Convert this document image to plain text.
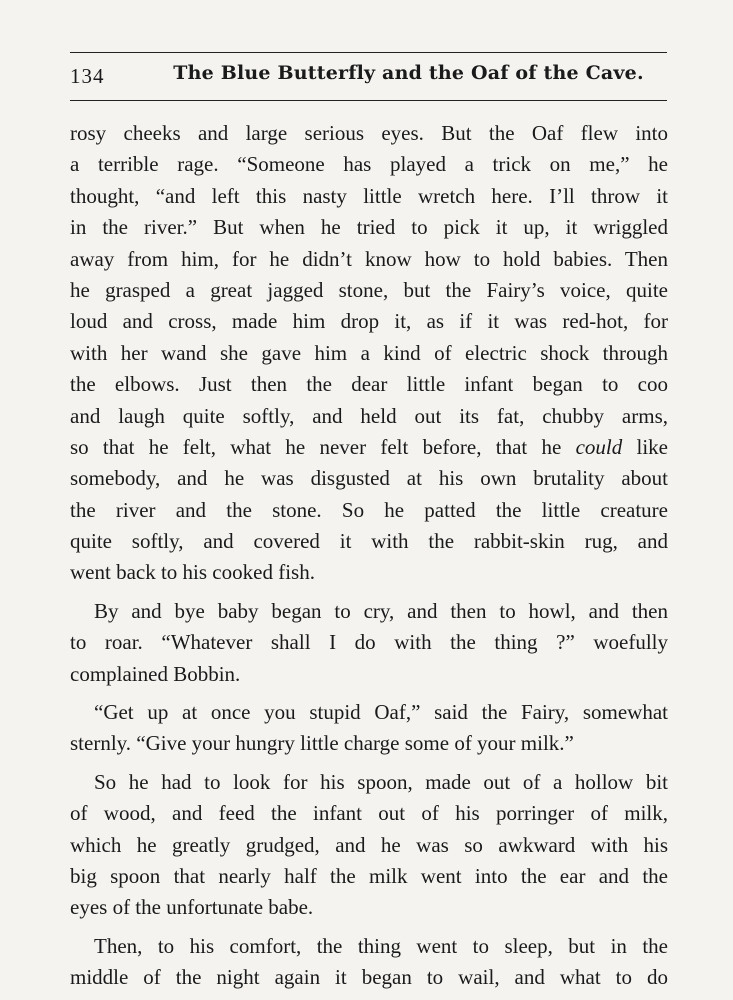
134	The Blue Butterfly and the Oaf of the Cave.
rosy cheeks and large serious eyes. But the Oaf flew into
a terrible rage. “Someone has played a trick on me,” he
thought, “and left this nasty little wretch here. I’ll throw it
in the river.” But when he tried to pick it up, it wriggled
away from him, for he didn’t know how to hold babies. Then
he grasped a great jagged stone, but the Fairy’s voice, quite
loud and cross, made him drop it, as if it was red-hot, for
with her wand she gave him a kind of electric shock through
the elbows. Just then the dear little infant began to coo
and laugh quite softly, and held out its fat, chubby arms,
so that he felt, what he never felt before, that he could like
somebody, and he was disgusted at his own brutality about
the river and the stone. So he patted the little creature
quite softly, and covered it with the rabbit-skin rug, and
went back to his cooked fish.
By and bye baby began to cry, and then to howl, and then
to roar. “Whatever shall I do with the thing ?” woefully
complained Bobbin.
“Get up at once you stupid Oaf,” said the Fairy, somewhat
sternly. “Give your hungry little charge some of your milk.”
So he had to look for his spoon, made out of a hollow bit
of wood, and feed the infant out of his porringer of milk,
which he greatly grudged, and he was so awkward with his
big spoon that nearly half the milk went into the ear and the
eyes of the unfortunate babe.
Then, to his comfort, the thing went to sleep, but in the
middle of the night again it began to wail, and what to do
